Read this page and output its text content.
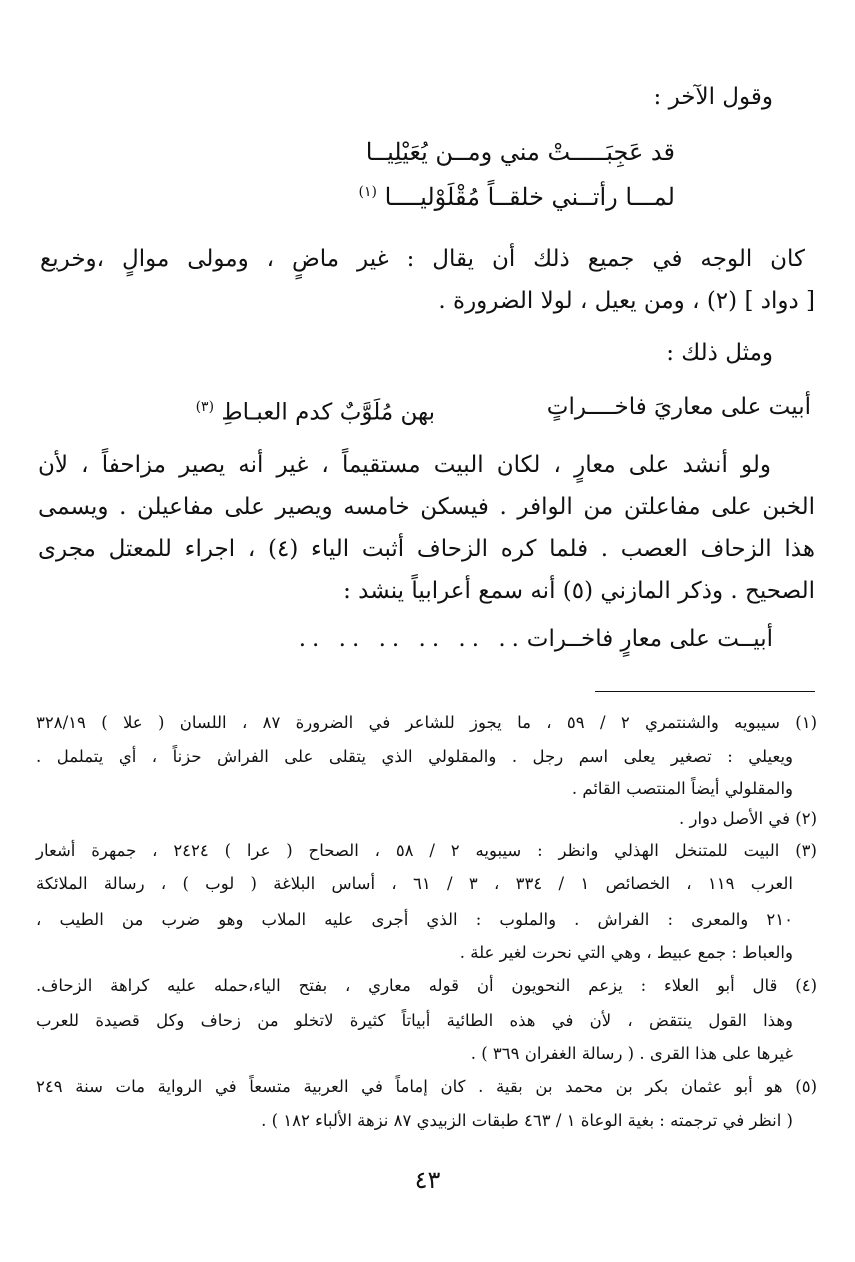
وقول الآخر :
قد عَجِبَـــــتْ مني ومــن يُعَيْلِيــا
لمـــا رأتــني خلقــاً مُقْلَوْليــــا $^{(١)}$
كان الوجه في جميع ذلك أن يقال : غير ماضٍ ، ومولى موالٍ ،وخريع
[ دواد ] (٢) ، ومن يعيل ، لولا الضرورة .
ومثل ذلك :
أبيت على معاريَ فاخــــراتٍ
بهن مُلَوَّبٌ كدم العبـاطِ $^{(٣)}$
ولو أنشد على معارٍ ، لكان البيت مستقيماً ، غير أنه يصير مزاحفاً ، لأن
الخبن على مفاعلتن من الوافر . فيسكن خامسه ويصير على مفاعيلن . ويسمى
هذا الزحاف العصب . فلما كره الزحاف أثبت الياء (٤) ، اجراء للمعتل مجرى
الصحيح . وذكر المازني (٥) أنه سمع أعرابياً ينشد :
أبيــت على معارٍ فاخــرات
.. .. .. .. .. ..
(١) سيبويه والشنتمري ٢ / ٥٩ ، ما يجوز للشاعر في الضرورة ٨٧ ، اللسان ( علا ) ٣٢٨/١٩
ويعيلي : تصغير يعلى اسم رجل . والمقلولي الذي يتقلى على الفراش حزناً ، أي يتململ .
والمقلولي أيضاً المنتصب القائم .
(٢) في الأصل دوار .
(٣) البيت للمتنخل الهذلي وانظر : سيبويه ٢ / ٥٨ ، الصحاح ( عرا ) ٢٤٢٤ ، جمهرة أشعار
العرب ١١٩ ، الخصائص ١ / ٣٣٤ ، ٣ / ٦١ ، أساس البلاغة ( لوب ) ، رسالة الملائكة
٢١٠ والمعرى : الفراش . والملوب : الذي أجرى عليه الملاب وهو ضرب من الطيب ،
والعباط : جمع عبيط ، وهي التي نحرت لغير علة .
(٤) قال أبو العلاء : يزعم النحويون أن قوله معاري ، بفتح الياء،حمله عليه كراهة الزحاف.
وهذا القول ينتقض ، لأن في هذه الطائية أبياتاً كثيرة لاتخلو من زحاف وكل قصيدة للعرب
غيرها على هذا القرى . ( رسالة الغفران ٣٦٩ ) .
(٥) هو أبو عثمان بكر بن محمد بن بقية . كان إماماً في العربية متسعاً في الرواية مات سنة ٢٤٩
( انظر في ترجمته : بغية الوعاة ١ / ٤٦٣ طبقات الزبيدي ٨٧ نزهة الألباء ١٨٢ ) .
٤٣
